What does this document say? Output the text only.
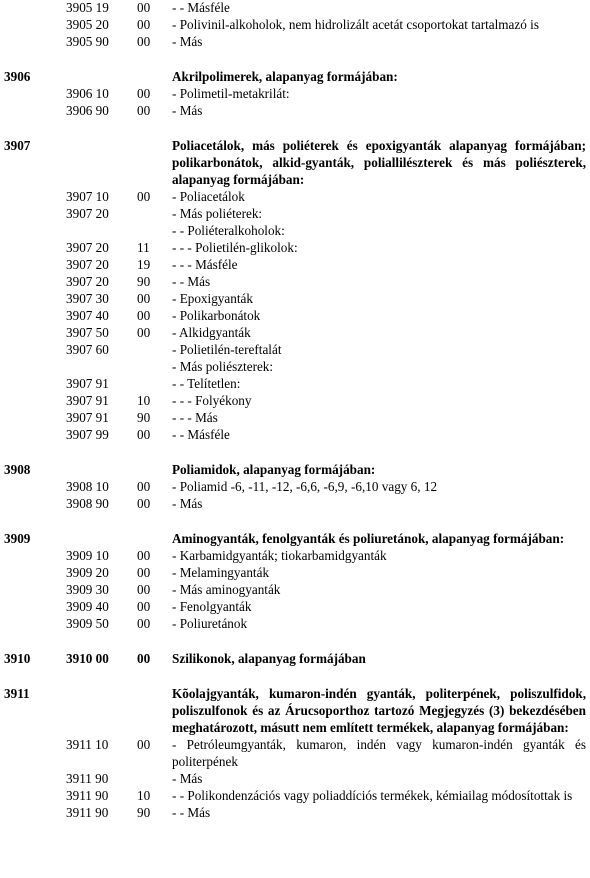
3905 19 00 - - Másféle
3905 20 00 - Polivinil-alkoholok, nem hidrolizált acetát csoportokat tartalmazó is
3905 90 00 - Más
3906	Akrilpolimerek, alapanyag formájában:
3906 10 00 - Polimetil-metakrilát:
3906 90 00 - Más
3907	Poliacetálok, más poliéterek és epoxigyanták alapanyag formájában; polikarbonátok, alkid-gyanták, poliallilészterek és más poliészterek, alapanyag formájában:
3907 10 00 - Poliacetálok
3907 20	- Más poliéterek:
- - Poliéteralkoholok:
3907 20 11 - - - Polietilén-glikolok:
3907 20 19 - - - Másféle
3907 20 90 - - Más
3907 30 00 - Epoxigyanták
3907 40 00 - Polikarbonátok
3907 50 00 - Alkidgyanták
3907 60	- Polietilén-tereftalát
- Más poliészterek:
3907 91	- - Telítetlen:
3907 91 10 - - - Folyékony
3907 91 90 - - - Más
3907 99 00 - - Másféle
3908	Poliamidok, alapanyag formájában:
3908 10 00 - Poliamid -6, -11, -12, -6,6, -6,9, -6,10 vagy 6, 12
3908 90 00 - Más
3909	Aminogyanták, fenolgyanták és poliuretánok, alapanyag formájában:
3909 10 00 - Karbamidgyanták; tiokarbamidgyanták
3909 20 00 - Melamingyanták
3909 30 00 - Más aminogyanták
3909 40 00 - Fenolgyanták
3909 50 00 - Poliuretánok
3910	3910 00 00 Szilikonok, alapanyag formájában
3911	Kõolajgyanták, kumaron-indén gyanták, politerpének, poliszulfidok, poliszulfonok és az Árucsoporthoz tartozó Megjegyzés (3) bekezdésében meghatározott, másutt nem említett termékek, alapanyag formájában:
3911 10 00 - Petróleumgyanták, kumaron, indén vagy kumaron-indén gyanták és politerpének
3911 90	- Más
3911 90 10 - - Polikondenzációs vagy poliaddíciós termékek, kémiailag módosítottak is
3911 90 90 - - Más
